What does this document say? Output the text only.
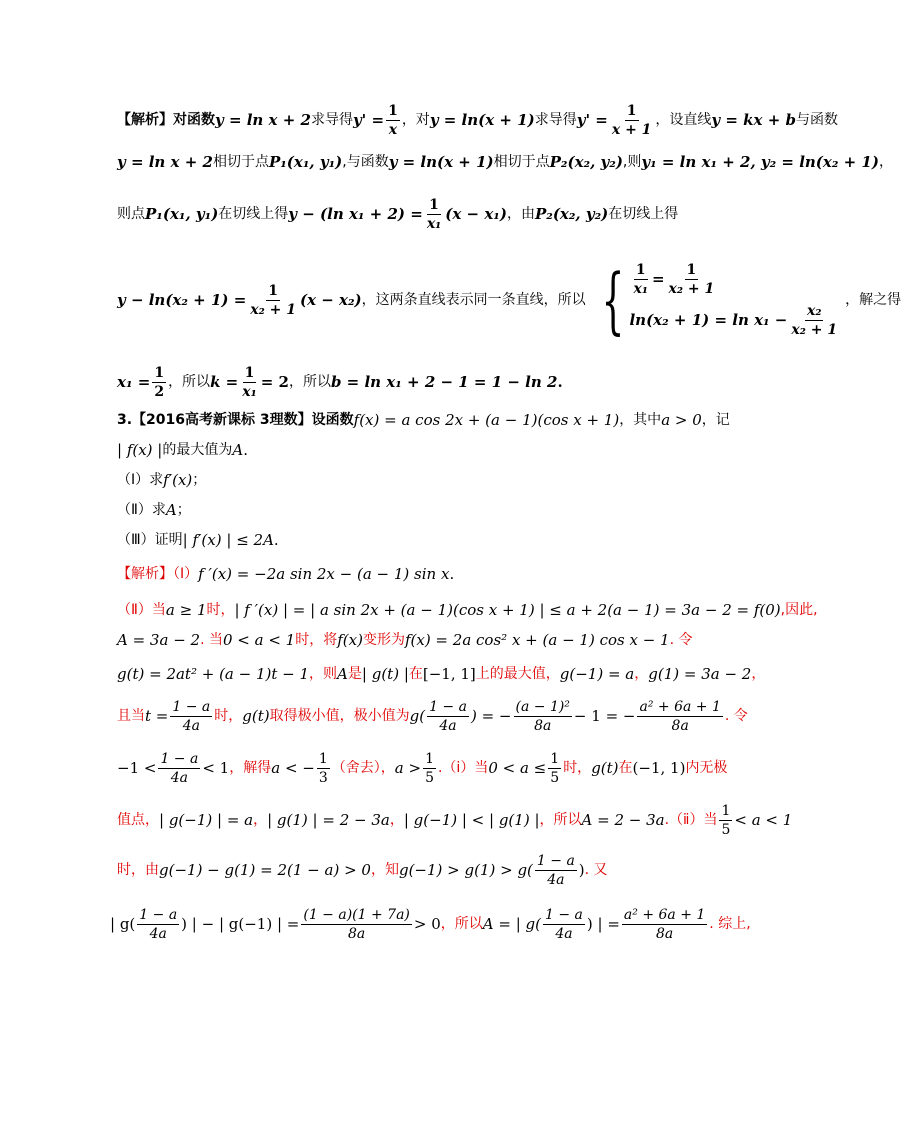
【解析】对函数 y = ln x + 2 求导得 $y' = \frac{1}{x}$ ，对 y = ln(x + 1) 求导得 $y' = \frac{1}{x + 1}$ ，设直线 y = kx + b 与函数
y = ln x + 2 相切于点 P₁(x₁, y₁) ,与函数 y = ln(x + 1) 相切于点 P₂(x₂, y₂) ,则 y₁ = ln x₁ + 2, y₂ = ln(x₂ + 1) ，
则点 P₁(x₁, y₁) 在切线上得 y − (ln $x_1 + 2) = \frac{1}{\text{x₁}} (x - x_1)$ ，由 P₂(x₂, y₂) 在切线上得
$y - \ln(x_2 + 1) = \frac{1}{\text{x₂ + 1}} (x - x_2)$ ，这两条直线表示同一条直线，所以 { $\frac{1}{\text{x₁}} = \frac{1}{\text{x₂ + 1}}$
$\ln(x_2 + 1) = \ln x_1 - \frac{\text{x₂}}{\text{x₂ + 1}}$
，解之得
$x_1 = \frac{1}{2}$ ，所以 $k = \frac{1}{\text{x₁}} = 2$ ，所以 b = ln x₁ + 2 − 1 = 1 − ln 2 .
3.【2016高考新课标 3理数】设函数 f(x) = a cos 2x + (a − 1)(cos x + 1) ，其中 a > 0 ，记
| f(x) | 的最大值为 A .
（Ⅰ）求 f′(x) ；
（Ⅱ）求 A ；
（Ⅲ）证明 | f′(x) | ≤ 2A .
【解析】（Ⅰ） f ′(x) = −2a sin 2x − (a − 1) sin x .
（Ⅱ）当 a ≥ 1 时， | f ′(x) | = | a sin 2x + (a − 1)(cos x + 1) | ≤ a + 2(a − 1) = 3a − 2 = f(0) ,因此,
A = 3a − 2 . 当 0 < a < 1 时，将 f(x) 变形为 f(x) = 2a cos² x + (a − 1) cos x − 1 . 令
g(t) = 2at² + (a − 1)t − 1 ，则 A 是 | g(t) | 在 [−1, 1] 上的最大值， g(−1) = a ， g(1) = 3a − 2 ，
且当 $t = \frac{1 - a}{4a}$ 时， g(t) 取得极小值，极小值为 $g( \frac{1 - a}{4a}$ ) = − $\frac{\text{(a − 1)²}}{8a} - 1$ = − $\frac{\text{a² + 6a + 1}}{8a}$ . 令
$-1 < \frac{1 - a}{4a} < 1$ ，解得 a < − $\frac{1}{3}$ （舍去）， $a > \frac{1}{5}$ .（ⅰ）当 $0 < a \le \frac{1}{5}$ 时， g(t) 在 (−1, 1) 内无极
值点， | g(−1) | = a ， | g(1) | = 2 − 3a ， | g(−1) | < | g(1) | ，所以 A = 2 − 3a .（ⅱ）当 $\frac{1}{5} < a < 1$
时，由 g(−1) − g(1) = 2(1 − a) > 0 ，知 $g(-1) > g(1) > g( \frac{1 - a}{4a}$ ) . 又
| $g( \frac{1 - a}{4a}$ ) | − | g(−1) | = $\frac{(1 - a)(1 + 7a)}{8a} > 0$ ，所以 A = | $g( \frac{1 - a}{4a}$ ) | = $\frac{\text{a² + 6a + 1}}{8a}$ . 综上,
